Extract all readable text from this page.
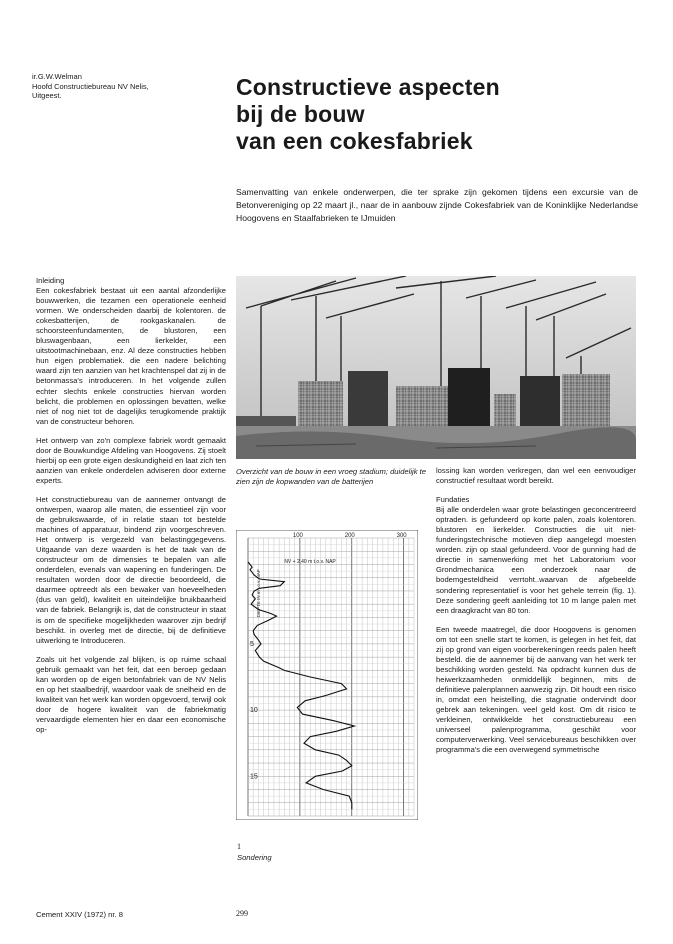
ir.G.W.Welman
Hoofd Constructiebureau NV Nelis,
Uitgeest.	Constructieve aspecten
bij de bouw
van een cokesfabriek
Samenvatting van enkele onderwerpen, die ter sprake zijn gekomen tijdens een excursie van de Betonvereniging op 22 maart jl., naar de in aanbouw zijnde Cokesfabriek van de Koninklijke Nederlandse Hoogovens en Staalfabrieken te IJmuiden

Inleiding

Een cokesfabriek bestaat uit een aantal afzonderlijke bouwwerken, die tezamen een operationele eenheid vormen. We onderscheiden daarbij de kolentoren. de cokesbatterijen, de rookgaskanalen. de schoorsteenfundamenten, de blustoren, een bluswagenbaan, een lierkelder, een uitstootmachinebaan, enz. Al deze constructies hebben hun eigen problematiek. die een nadere belichting waard zijn ten aanzien van het krachtenspel dat zij in de betonmassa's introduceren. In het volgende zullen echter slechts enkele constructies hiervan worden belicht, die problemen en oplossingen bevatten, welke niet of nog niet tot de dagelijks terugkomende praktijk van de constructeur behoren.

Het ontwerp van zo'n complexe fabriek wordt gemaakt door de Bouwkundige Afdeling van Hoogovens. Zij stoelt hierbij op een grote eigen deskundigheid en laat zich ten aanzien van enkele onderdelen adviseren door externe experts.

Het constructiebureau van de aannemer ontvangt de ontwerpen, waarop alle maten, die essentieel zijn voor de gebruikswaarde, of in relatie staan tot bestelde machines of apparatuur, bindend zijn voorgeschreven. Het ontwerp is vergezeld van belastinggegevens. Uitgaande van deze waarden is het de taak van de constructeur om de dimensies te bepalen van alle onderdelen, evenals van wapening en funderingen. De resultaten worden door de directie beoordeeld, die daarmee optreedt als een bewaker van hoeveelheden (dus van geld), kwaliteit en uiteindelijke bruikbaarheid van de fabriek. Belangrijk is, dat de constructeur in staat is om de specifieke mogelijkheden waarover zijn bedrijf beschikt. in overleg met de directie, bij de definitieve uitwerking te Introduceren.

Zoals uit het volgende zal blijken, is op ruime schaal gebruik gemaakt van het feit, dat een beroep gedaan kan worden op de eigen betonfabriek van de NV Nelis en op het staalbedrijf, waardoor vaak de snelheid en de kwaliteit van het werk kan worden opgevoerd, terwijl ook door de hogere kwaliteit van de fabriekmatig vervaardigde elementen hier en daar een economische op-

Overzicht van de bouw in een vroeg stadium; duidelijk te zien zijn de kopwanden van de batterijen

lossing kan worden verkregen, dan wel een eenvoudiger constructief resultaat wordt bereikt.

Fundaties

Bij alle onderdelen waar grote belastingen geconcentreerd optraden. is gefundeerd op korte palen, zoals kolentoren. blustoren en lierkelder. Constructies die uit niet-funderingstechnische motieven diep aangelegd moesten worden. zijn op staal gefundeerd. Voor de gunning had de directie in samenwerking met het Laboratorium voor Grondmechanica een onderzoek naar de bodemgesteldheid verrtoht..waarvan de afgebeelde sondering representatief is voor het gehele terrein (fig. 1). Deze sondering geeft aanleiding tot 10 m lange palen met een draagkracht van 80 ton.

Een tweede maatregel, die door Hoogovens is genomen om tot een snelle start te komen, is gelegen in het feit, dat zij op grond van eigen voorberekeningen reeds palen heeft besteld. die de aannemer bij de aanvang van het werk ter beschikking worden gesteld. Na opdracht kunnen dus de heiwerkzaamheden onmiddellijk beginnen, mits de definitieve palenplannen aanwezig zijn. Dit houdt een risico in, omdat een heistelling, die stagnatie ondervindt door gebrek aan tekeningen. veel geld kost. Om dit risico te verkleinen, ontwikkelde het constructiebureau een universeel palenprogramma, geschikt voor computerverwerking. Veel servicebureaus beschikken over programma's die een overwegend symmetrische

100	200	300
5
10
15
DIEPTE IN m t.o.v. NAP
NV + 2,40 m t.o.v. NAP
1
Sondering
Cement XXIV (1972) nr. 8	299
